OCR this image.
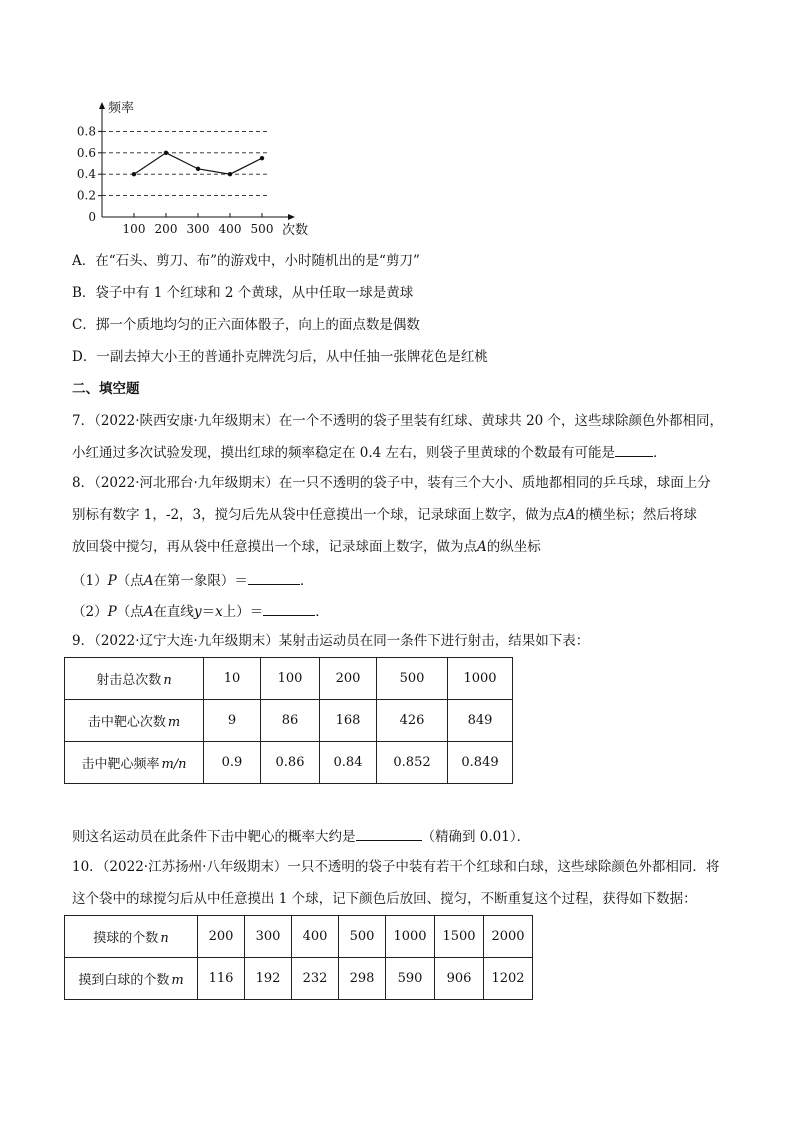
0.8
0.6
0.4
0.2
0
100 200 300 400 500
频率
次数
A．在“石头、剪刀、布”的游戏中，小时随机出的是“剪刀”
B．袋子中有 1 个红球和 2 个黄球，从中任取一球是黄球
C．掷一个质地均匀的正六面体骰子，向上的面点数是偶数
D．一副去掉大小王的普通扑克牌洗匀后，从中任抽一张牌花色是红桃
二、填空题
7．（2022·陕西安康·九年级期末）在一个不透明的袋子里装有红球、黄球共 20 个，这些球除颜色外都相同，
小红通过多次试验发现，摸出红球的频率稳定在 0.4 左右，则袋子里黄球的个数最有可能是	．
8．（2022·河北邢台·九年级期末）在一只不透明的袋子中，装有三个大小、质地都相同的乒乓球，球面上分
别标有数字 1，-2，3，搅匀后先从袋中任意摸出一个球，记录球面上数字，做为点A的横坐标；然后将球
放回袋中搅匀，再从袋中任意摸出一个球，记录球面上数字，做为点A的纵坐标
（1）P（点A在第一象限）＝	．
（2）P（点A在直线y＝x上）＝	．
9．（2022·辽宁大连·九年级期末）某射击运动员在同一条件下进行射击，结果如下表：
射击总次数 n	10	100	200	500	1000
击中靶心次数 m	9	86	168	426	849
击中靶心频率 m/n	0.9	0.86	0.84	0.852	0.849
则这名运动员在此条件下击中靶心的概率大约是	（精确到 0.01）．
10．（2022·江苏扬州·八年级期末）一只不透明的袋子中装有若干个红球和白球，这些球除颜色外都相同．将
这个袋中的球搅匀后从中任意摸出 1 个球，记下颜色后放回、搅匀，不断重复这个过程，获得如下数据：
摸球的个数 n	200	300	400	500	1000	1500	2000
摸到白球的个数 m	116	192	232	298	590	906	1202
